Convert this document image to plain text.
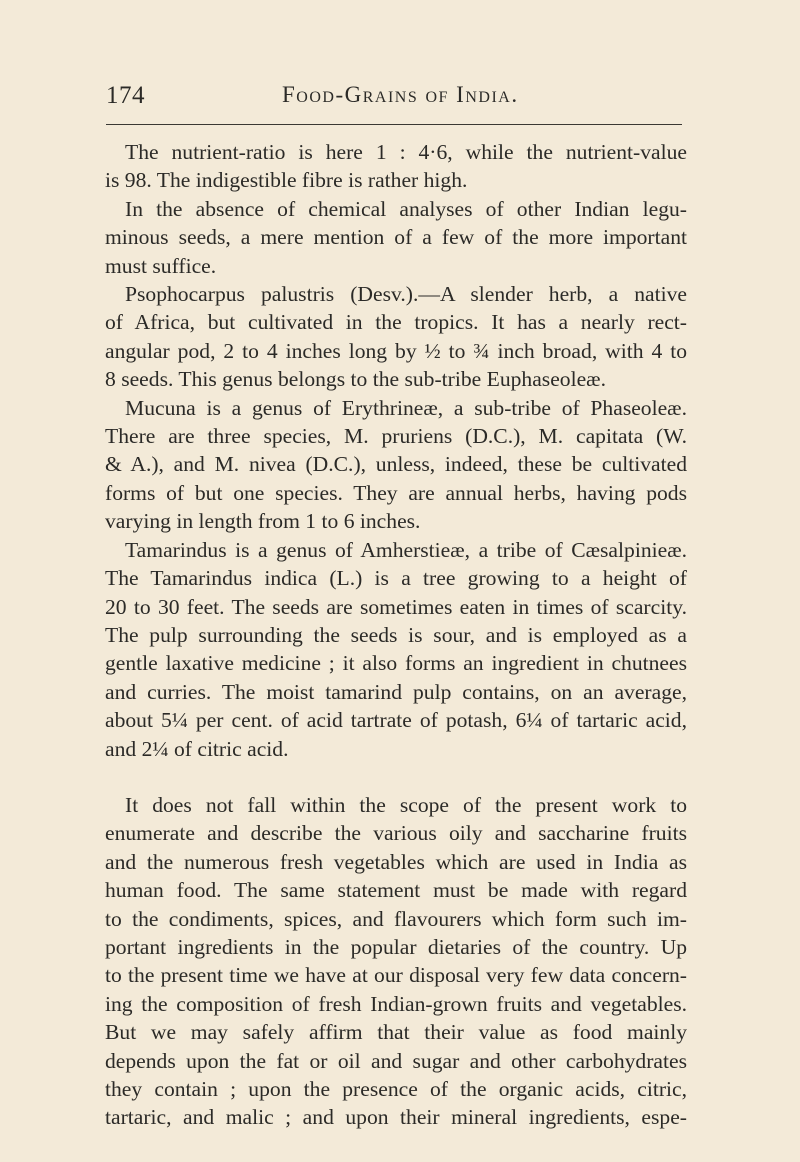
174	Food-Grains of India.
The nutrient-ratio is here 1 : 4·6, while the nutrient-value
is 98. The indigestible fibre is rather high.
In the absence of chemical analyses of other Indian legu-
minous seeds, a mere mention of a few of the more important
must suffice.
Psophocarpus palustris (Desv.).—A slender herb, a native
of Africa, but cultivated in the tropics. It has a nearly rect-
angular pod, 2 to 4 inches long by ½ to ¾ inch broad, with 4 to
8 seeds. This genus belongs to the sub-tribe Euphaseoleæ.
Mucuna is a genus of Erythrineæ, a sub-tribe of Phaseoleæ.
There are three species, M. pruriens (D.C.), M. capitata (W.
& A.), and M. nivea (D.C.), unless, indeed, these be cultivated
forms of but one species. They are annual herbs, having pods
varying in length from 1 to 6 inches.
Tamarindus is a genus of Amherstieæ, a tribe of Cæsalpinieæ.
The Tamarindus indica (L.) is a tree growing to a height of
20 to 30 feet. The seeds are sometimes eaten in times of scarcity.
The pulp surrounding the seeds is sour, and is employed as a
gentle laxative medicine ; it also forms an ingredient in chutnees
and curries. The moist tamarind pulp contains, on an average,
about 5¼ per cent. of acid tartrate of potash, 6¼ of tartaric acid,
and 2¼ of citric acid.
It does not fall within the scope of the present work to
enumerate and describe the various oily and saccharine fruits
and the numerous fresh vegetables which are used in India as
human food. The same statement must be made with regard
to the condiments, spices, and flavourers which form such im-
portant ingredients in the popular dietaries of the country. Up
to the present time we have at our disposal very few data concern-
ing the composition of fresh Indian-grown fruits and vegetables.
But we may safely affirm that their value as food mainly
depends upon the fat or oil and sugar and other carbohydrates
they contain ; upon the presence of the organic acids, citric,
tartaric, and malic ; and upon their mineral ingredients, espe-
